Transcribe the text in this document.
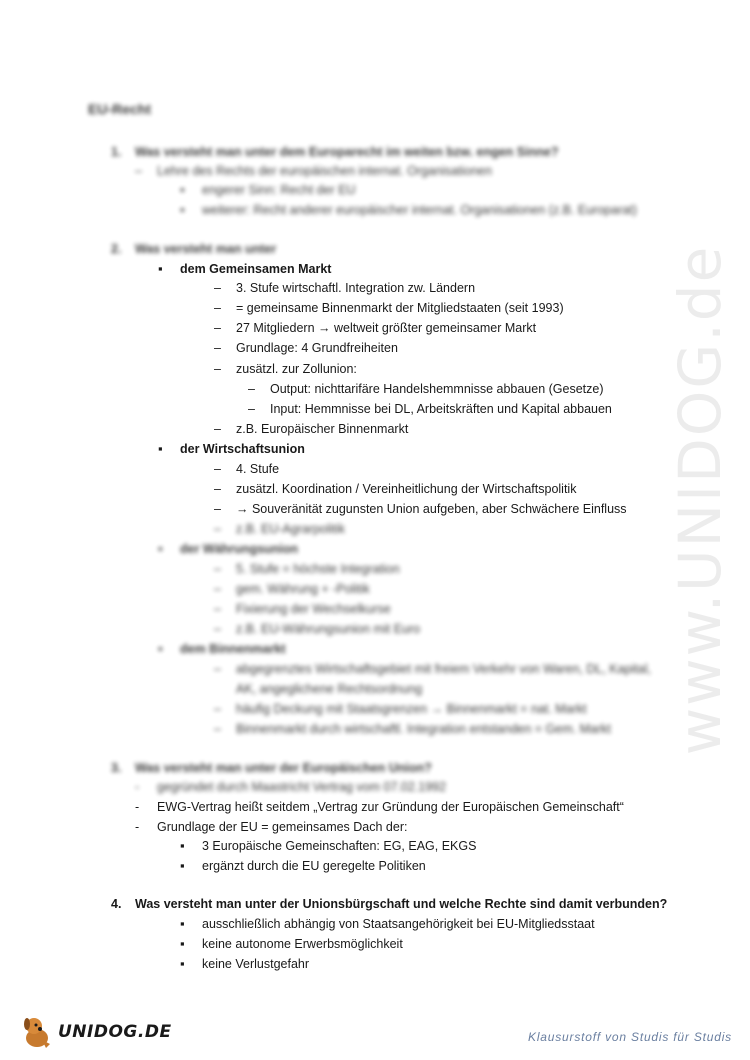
www.UNIDOG.de
EU-Recht
1. Was versteht man unter dem Europarecht im weiten bzw. engen Sinne?
– Lehre des Rechts der europäischen internat. Organisationen
▪ engerer Sinn: Recht der EU
▪ weiterer: Recht anderer europäischer internat. Organisationen (z.B. Europarat)
2. Was versteht man unter
▪ dem Gemeinsamen Markt
– 3. Stufe wirtschaftl. Integration zw. Ländern
– = gemeinsame Binnenmarkt der Mitgliedstaaten (seit 1993)
– 27 Mitgliedern → weltweit größter gemeinsamer Markt
– Grundlage: 4 Grundfreiheiten
– zusätzl. zur Zollunion:
– Output: nichttarifäre Handelshemmnisse abbauen (Gesetze)
– Input: Hemmnisse bei DL, Arbeitskräften und Kapital abbauen
– z.B. Europäischer Binnenmarkt
▪ der Wirtschaftsunion
– 4. Stufe
– zusätzl. Koordination / Vereinheitlichung der Wirtschaftspolitik
– → Souveränität zugunsten Union aufgeben, aber Schwächere Einfluss
– z.B. EU-Agrarpolitik
▪ der Währungsunion
– 5. Stufe = höchste Integration
– gem. Währung + -Politik
– Fixierung der Wechselkurse
– z.B. EU-Währungsunion mit Euro
▪ dem Binnenmarkt
– abgegrenztes Wirtschaftsgebiet mit freiem Verkehr von Waren, DL, Kapital,
AK, angeglichene Rechtsordnung
– häufig Deckung mit Staatsgrenzen → Binnenmarkt = nat. Markt
– Binnenmarkt durch wirtschaftl. Integration entstanden = Gem. Markt
3. Was versteht man unter der Europäischen Union?
- gegründet durch Maastricht Vertrag vom 07.02.1992
- EWG-Vertrag heißt seitdem „Vertrag zur Gründung der Europäischen Gemeinschaft“
- Grundlage der EU = gemeinsames Dach der:
▪ 3 Europäische Gemeinschaften: EG, EAG, EKGS
▪ ergänzt durch die EU geregelte Politiken
4. Was versteht man unter der Unionsbürgschaft und welche Rechte sind damit verbunden?
▪ ausschließlich abhängig von Staatsangehörigkeit bei EU-Mitgliedsstaat
▪ keine autonome Erwerbsmöglichkeit
▪ keine Verlustgefahr
UNIDOG.DE	Klausurstoff von Studis für Studis
